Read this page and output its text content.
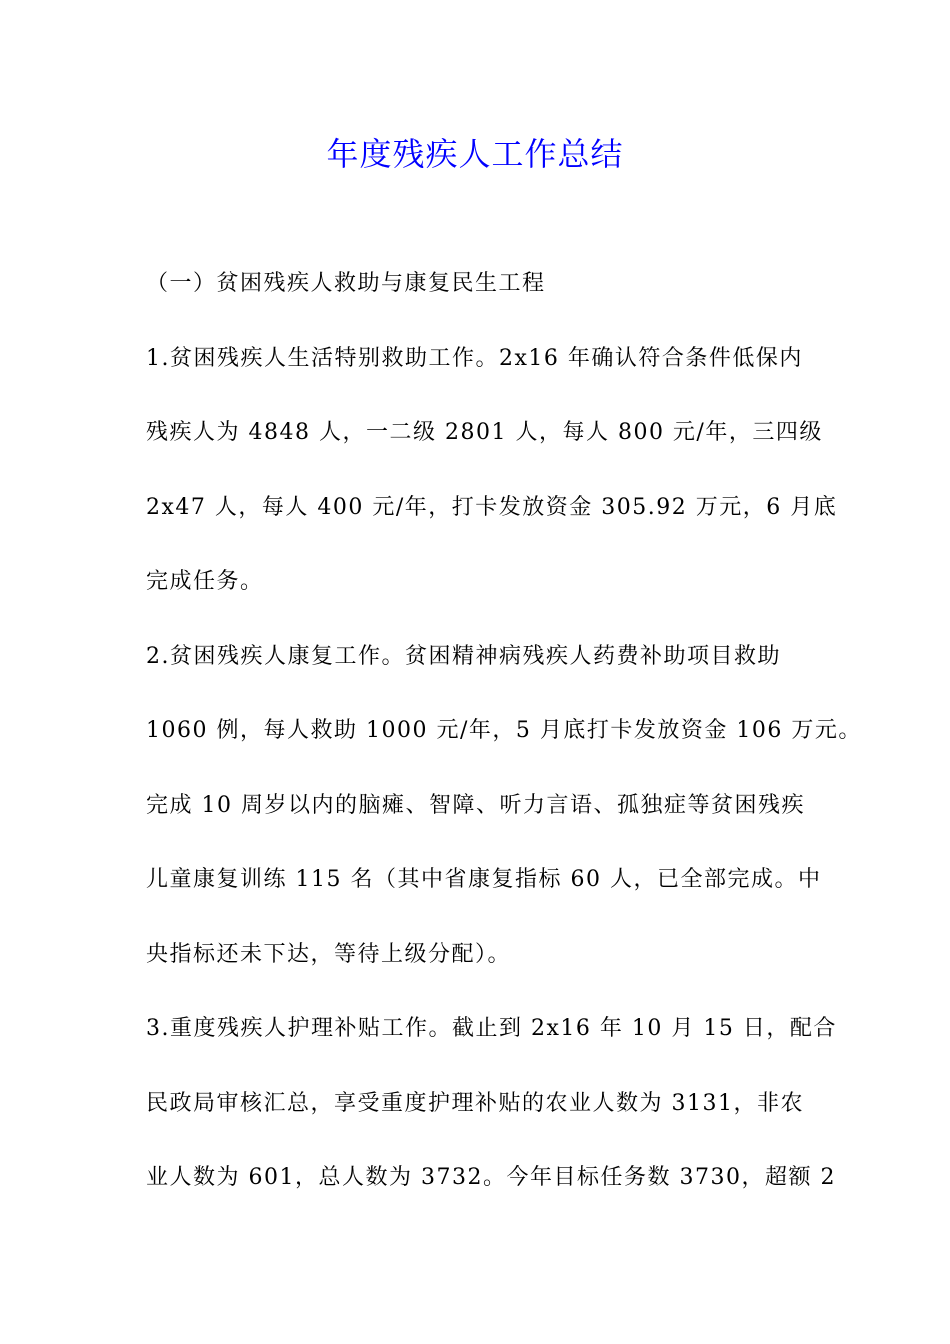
年度残疾人工作总结
（一）贫困残疾人救助与康复民生工程
1.贫困残疾人生活特别救助工作。2x16 年确认符合条件低保内
残疾人为 4848 人，一二级 2801 人，每人 800 元/年，三四级
2x47 人，每人 400 元/年，打卡发放资金 305.92 万元，6 月底
完成任务。
2.贫困残疾人康复工作。贫困精神病残疾人药费补助项目救助
1060 例，每人救助 1000 元/年，5 月底打卡发放资金 106 万元。
完成 10 周岁以内的脑瘫、智障、听力言语、孤独症等贫困残疾
儿童康复训练 115 名（其中省康复指标 60 人，已全部完成。中
央指标还未下达，等待上级分配）。
3.重度残疾人护理补贴工作。截止到 2x16 年 10 月 15 日，配合
民政局审核汇总，享受重度护理补贴的农业人数为 3131，非农
业人数为 601，总人数为 3732。今年目标任务数 3730，超额 2
